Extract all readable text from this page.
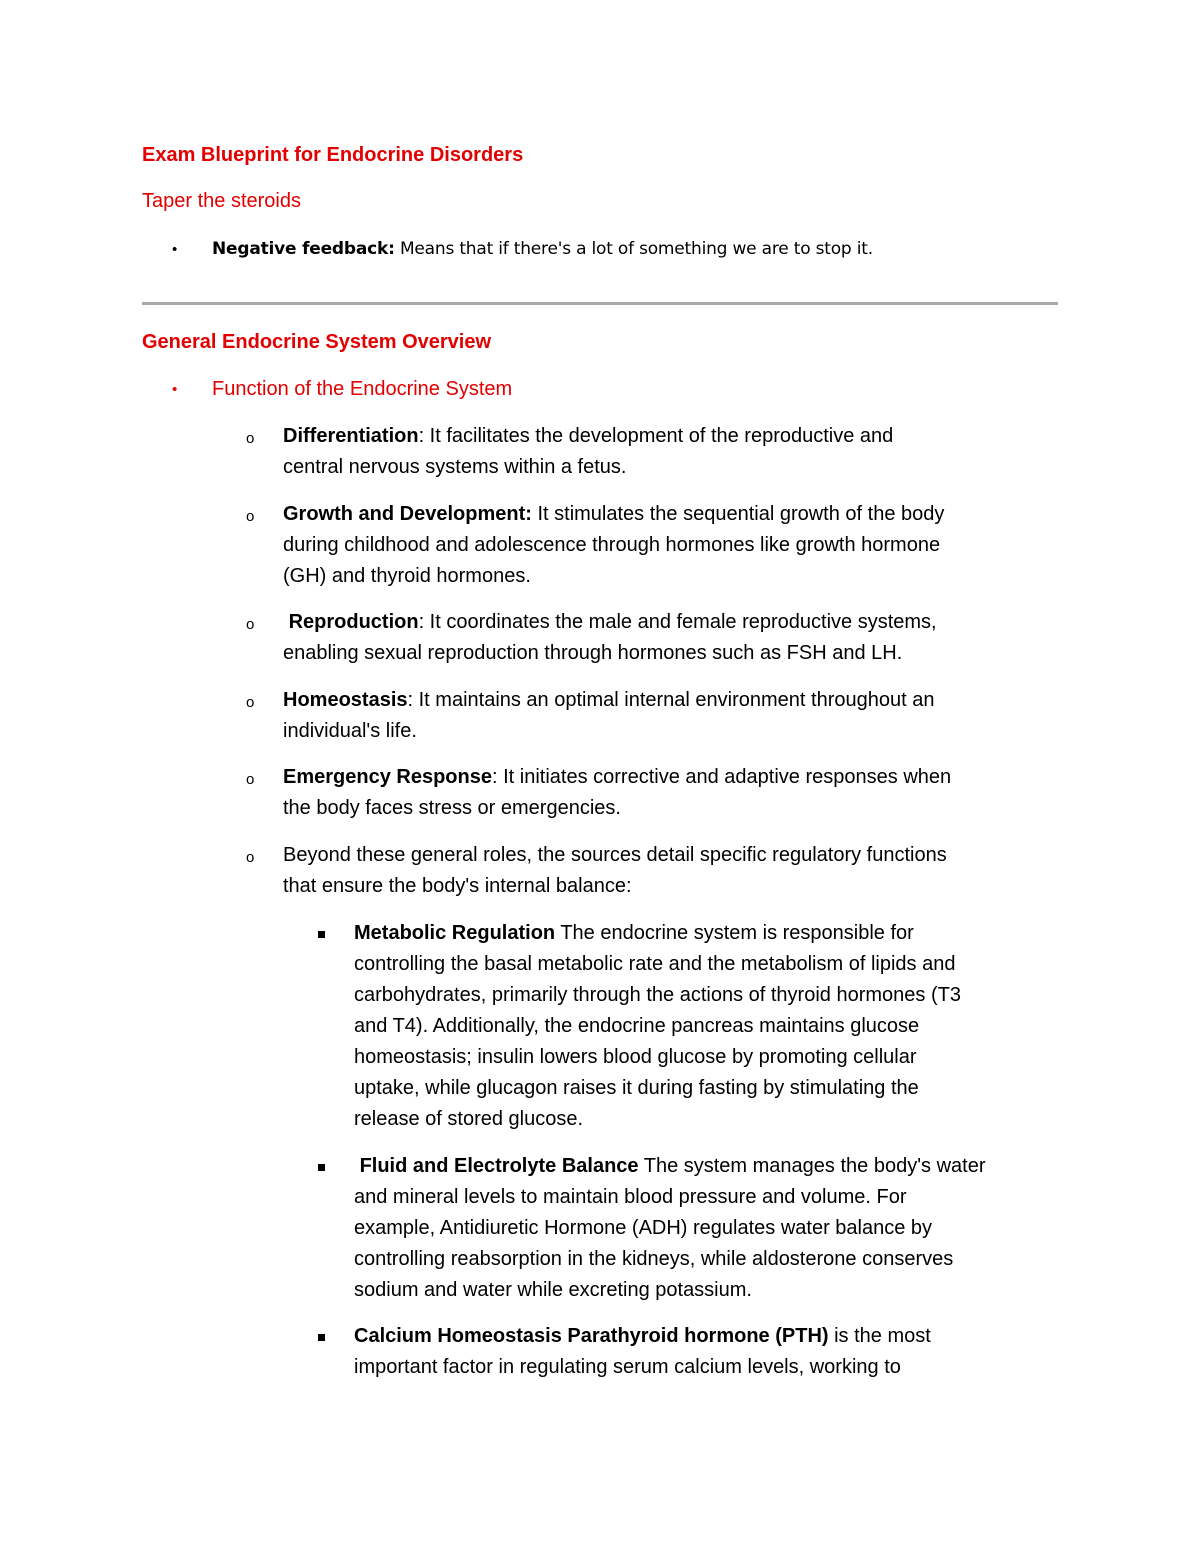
Exam Blueprint for Endocrine Disorders
Taper the steroids
• Negative feedback: Means that if there's a lot of something we are to stop it.
General Endocrine System Overview
• Function of the Endocrine System
o Differentiation: It facilitates the development of the reproductive and
central nervous systems within a fetus.
o Growth and Development: It stimulates the sequential growth of the body
during childhood and adolescence through hormones like growth hormone
(GH) and thyroid hormones.
o Reproduction: It coordinates the male and female reproductive systems,
enabling sexual reproduction through hormones such as FSH and LH.
o Homeostasis: It maintains an optimal internal environment throughout an
individual's life.
o Emergency Response: It initiates corrective and adaptive responses when
the body faces stress or emergencies.
o Beyond these general roles, the sources detail specific regulatory functions
that ensure the body's internal balance:
Metabolic Regulation The endocrine system is responsible for
controlling the basal metabolic rate and the metabolism of lipids and
carbohydrates, primarily through the actions of thyroid hormones (T3
and T4). Additionally, the endocrine pancreas maintains glucose
homeostasis; insulin lowers blood glucose by promoting cellular
uptake, while glucagon raises it during fasting by stimulating the
release of stored glucose.
Fluid and Electrolyte Balance The system manages the body's water
and mineral levels to maintain blood pressure and volume. For
example, Antidiuretic Hormone (ADH) regulates water balance by
controlling reabsorption in the kidneys, while aldosterone conserves
sodium and water while excreting potassium.
Calcium Homeostasis Parathyroid hormone (PTH) is the most
important factor in regulating serum calcium levels, working to
